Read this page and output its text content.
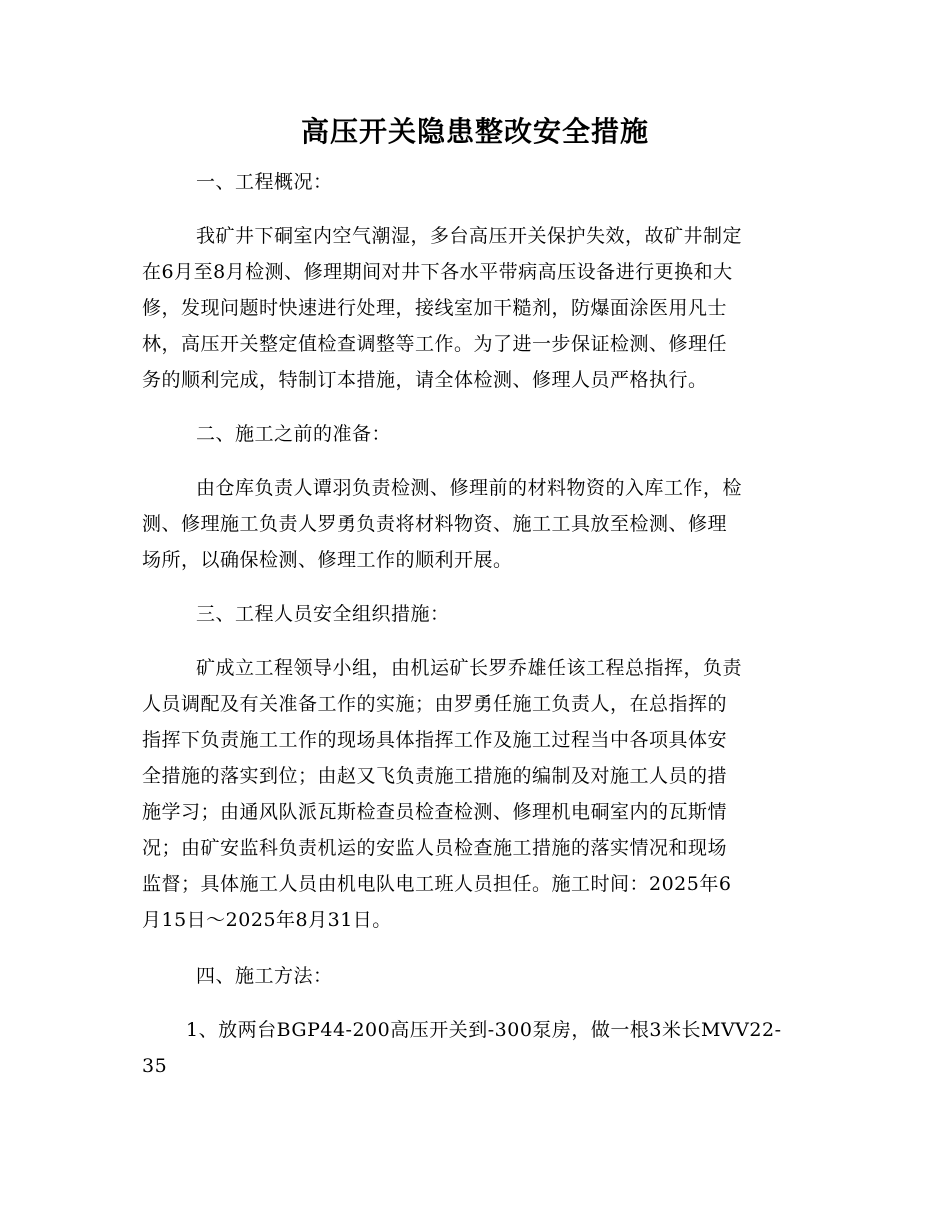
高压开关隐患整改安全措施

一、工程概况：

我矿井下硐室内空气潮湿，多台高压开关保护失效，故矿井制定

在6月至8月检测、修理期间对井下各水平带病高压设备进行更换和大

修，发现问题时快速进行处理，接线室加干糙剂，防爆面涂医用凡士

林，高压开关整定值检查调整等工作。为了进一步保证检测、修理任

务的顺利完成，特制订本措施，请全体检测、修理人员严格执行。

二、施工之前的准备：

由仓库负责人谭羽负责检测、修理前的材料物资的入库工作，检

测、修理施工负责人罗勇负责将材料物资、施工工具放至检测、修理

场所，以确保检测、修理工作的顺利开展。

三、工程人员安全组织措施：

矿成立工程领导小组，由机运矿长罗乔雄任该工程总指挥，负责

人员调配及有关准备工作的实施；由罗勇任施工负责人，在总指挥的

指挥下负责施工工作的现场具体指挥工作及施工过程当中各项具体安

全措施的落实到位；由赵又飞负责施工措施的编制及对施工人员的措

施学习；由通风队派瓦斯检查员检查检测、修理机电硐室内的瓦斯情

况；由矿安监科负责机运的安监人员检查施工措施的落实情况和现场

监督；具体施工人员由机电队电工班人员担任。施工时间：2025年6

月15日～2025年8月31日。

四、施工方法：

1、放两台BGP44-200高压开关到-300泵房，做一根3米长MVV22-

35
